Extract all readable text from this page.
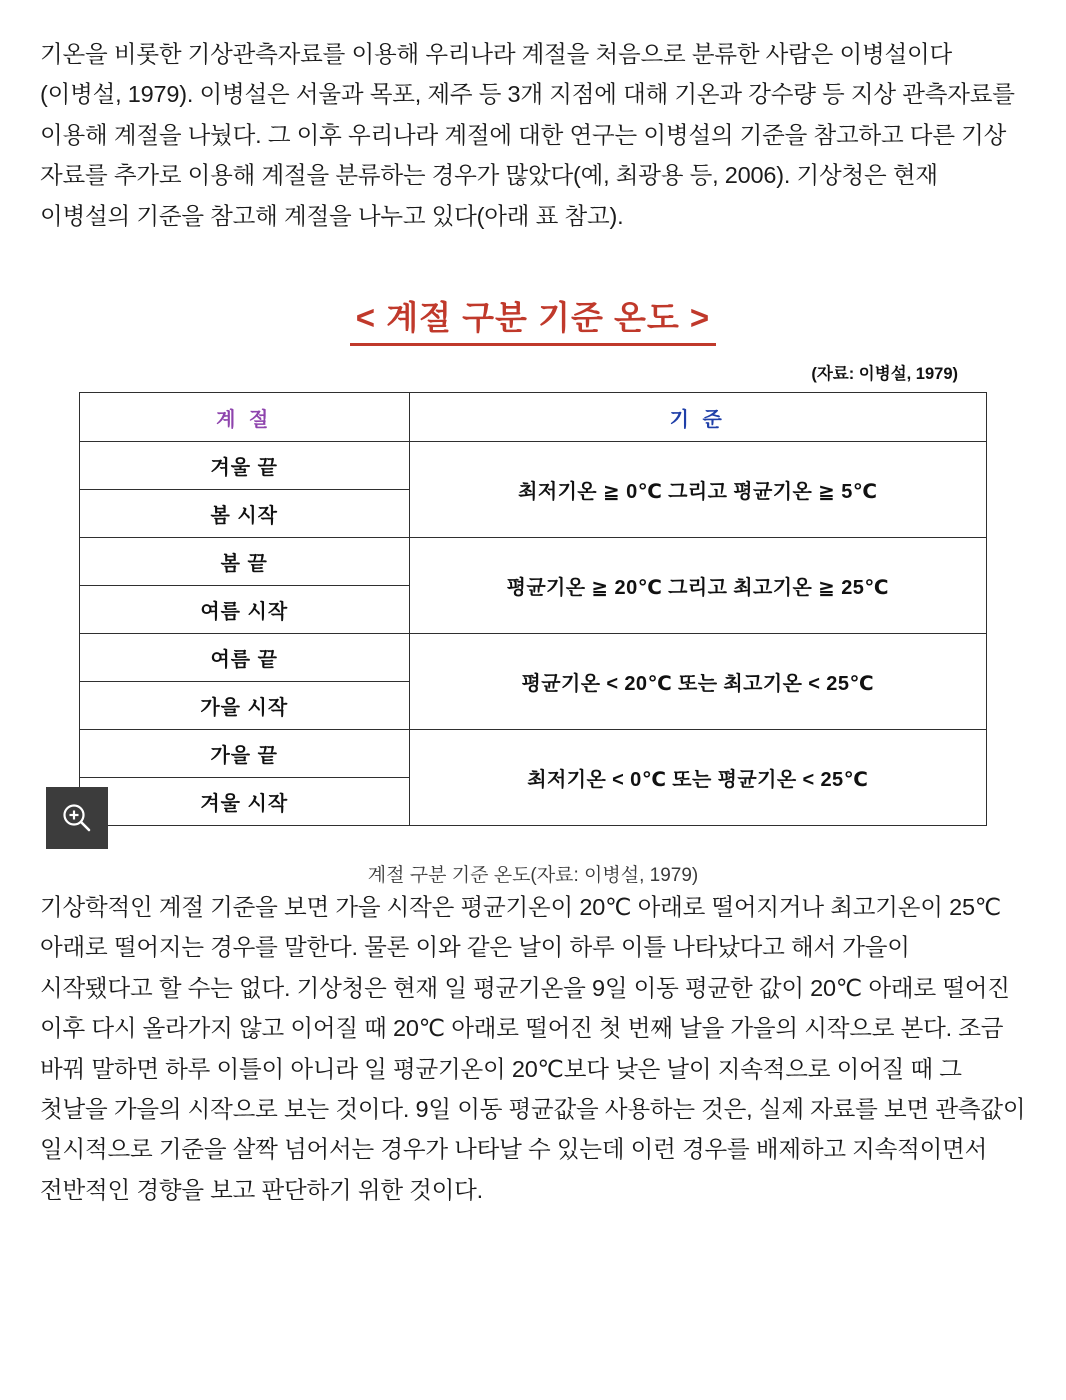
기온을 비롯한 기상관측자료를 이용해 우리나라 계절을 처음으로 분류한 사람은 이병설이다(이병설, 1979). 이병설은 서울과 목포, 제주 등 3개 지점에 대해 기온과 강수량 등 지상 관측자료를 이용해 계절을 나눴다. 그 이후 우리나라 계절에 대한 연구는 이병설의 기준을 참고하고 다른 기상 자료를 추가로 이용해 계절을 분류하는 경우가 많았다(예, 최광용 등, 2006). 기상청은 현재 이병설의 기준을 참고해 계절을 나누고 있다(아래 표 참고).

< 계절 구분 기준 온도 >
(자료: 이병설, 1979)
계 절	기 준
겨울 끝	최저기온 ≧ 0℃ 그리고 평균기온 ≧ 5℃
봄 시작	
봄 끝	평균기온 ≧ 20℃ 그리고 최고기온 ≧ 25℃
여름 시작	
여름 끝	평균기온 < 20℃ 또는 최고기온 < 25℃
가을 시작	
가을 끝	최저기온 < 0℃ 또는 평균기온 < 25℃
겨울 시작	
계절 구분 기준 온도(자료: 이병설, 1979)

기상학적인 계절 기준을 보면 가을 시작은 평균기온이 20℃ 아래로 떨어지거나 최고기온이 25℃ 아래로 떨어지는 경우를 말한다. 물론 이와 같은 날이 하루 이틀 나타났다고 해서 가을이 시작됐다고 할 수는 없다. 기상청은 현재 일 평균기온을 9일 이동 평균한 값이 20℃ 아래로 떨어진 이후 다시 올라가지 않고 이어질 때 20℃ 아래로 떨어진 첫 번째 날을 가을의 시작으로 본다. 조금 바꿔 말하면 하루 이틀이 아니라 일 평균기온이 20℃보다 낮은 날이 지속적으로 이어질 때 그 첫날을 가을의 시작으로 보는 것이다. 9일 이동 평균값을 사용하는 것은, 실제 자료를 보면 관측값이 일시적으로 기준을 살짝 넘어서는 경우가 나타날 수 있는데 이런 경우를 배제하고 지속적이면서 전반적인 경향을 보고 판단하기 위한 것이다.
